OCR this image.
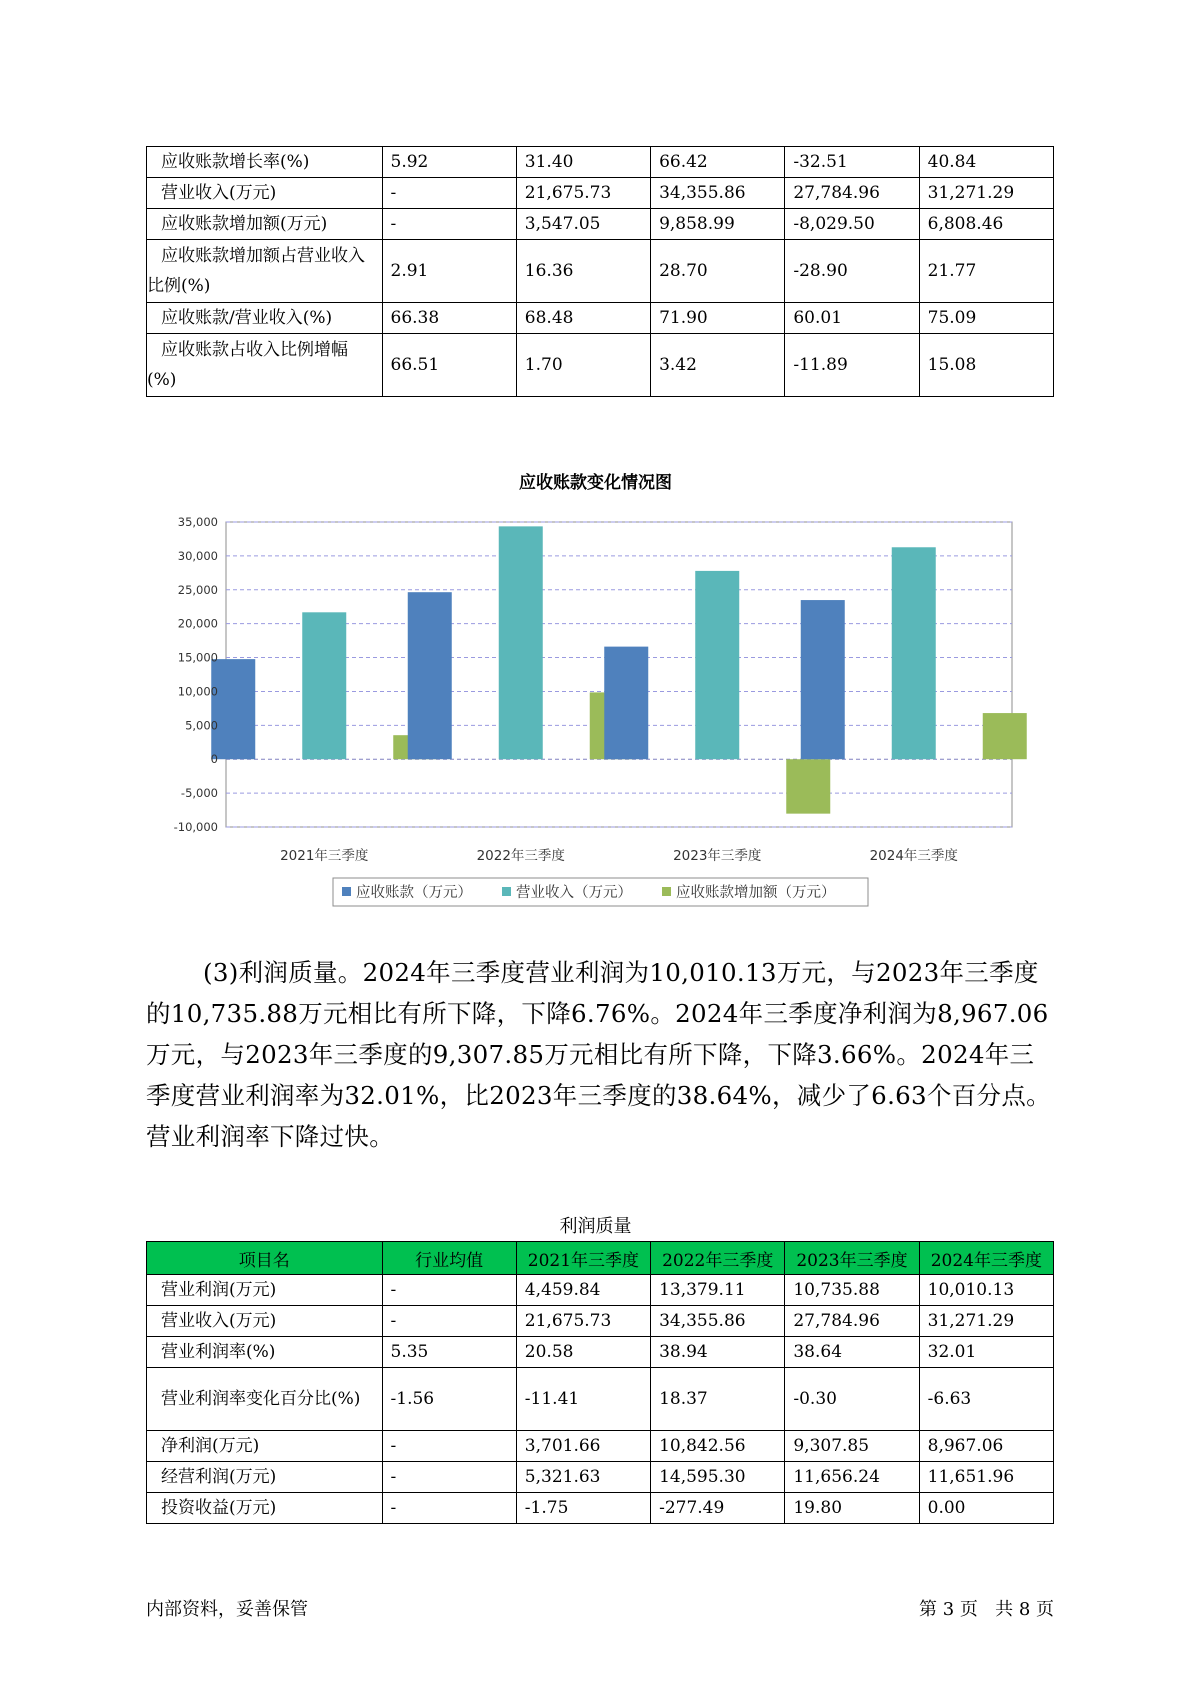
应收账款增长率(%)	5.92	31.40	66.42	-32.51	40.84
营业收入(万元)	-	21,675.73	34,355.86	27,784.96	31,271.29
应收账款增加额(万元)	-	3,547.05	9,858.99	-8,029.50	6,808.46
应收账款增加额占营业收入比例(%)	2.91	16.36	28.70	-28.90	21.77
应收账款/营业收入(%)	66.38	68.48	71.90	60.01	75.09
应收账款占收入比例增幅(%)	66.51	1.70	3.42	-11.89	15.08
应收账款变化情况图
35,000
30,000
25,000
20,000
15,000
10,000
5,000
0
-5,000
-10,000
2021年三季度	2022年三季度	2023年三季度	2024年三季度
应收账款（万元）	营业收入（万元）	应收账款增加额（万元）

(3)利润质量。2024年三季度营业利润为10,010.13万元，与2023年三季度的10,735.88万元相比有所下降，下降6.76%。2024年三季度净利润为8,967.06万元，与2023年三季度的9,307.85万元相比有所下降，下降3.66%。2024年三季度营业利润率为32.01%，比2023年三季度的38.64%，减少了6.63个百分点。营业利润率下降过快。

利润质量
项目名	行业均值	2021年三季度	2022年三季度	2023年三季度	2024年三季度
营业利润(万元)	-	4,459.84	13,379.11	10,735.88	10,010.13
营业收入(万元)	-	21,675.73	34,355.86	27,784.96	31,271.29
营业利润率(%)	5.35	20.58	38.94	38.64	32.01
营业利润率变化百分比(%)	-1.56	-11.41	18.37	-0.30	-6.63
净利润(万元)	-	3,701.66	10,842.56	9,307.85	8,967.06
经营利润(万元)	-	5,321.63	14,595.30	11,656.24	11,651.96
投资收益(万元)	-	-1.75	-277.49	19.80	0.00
内部资料，妥善保管	第 3 页   共 8 页
